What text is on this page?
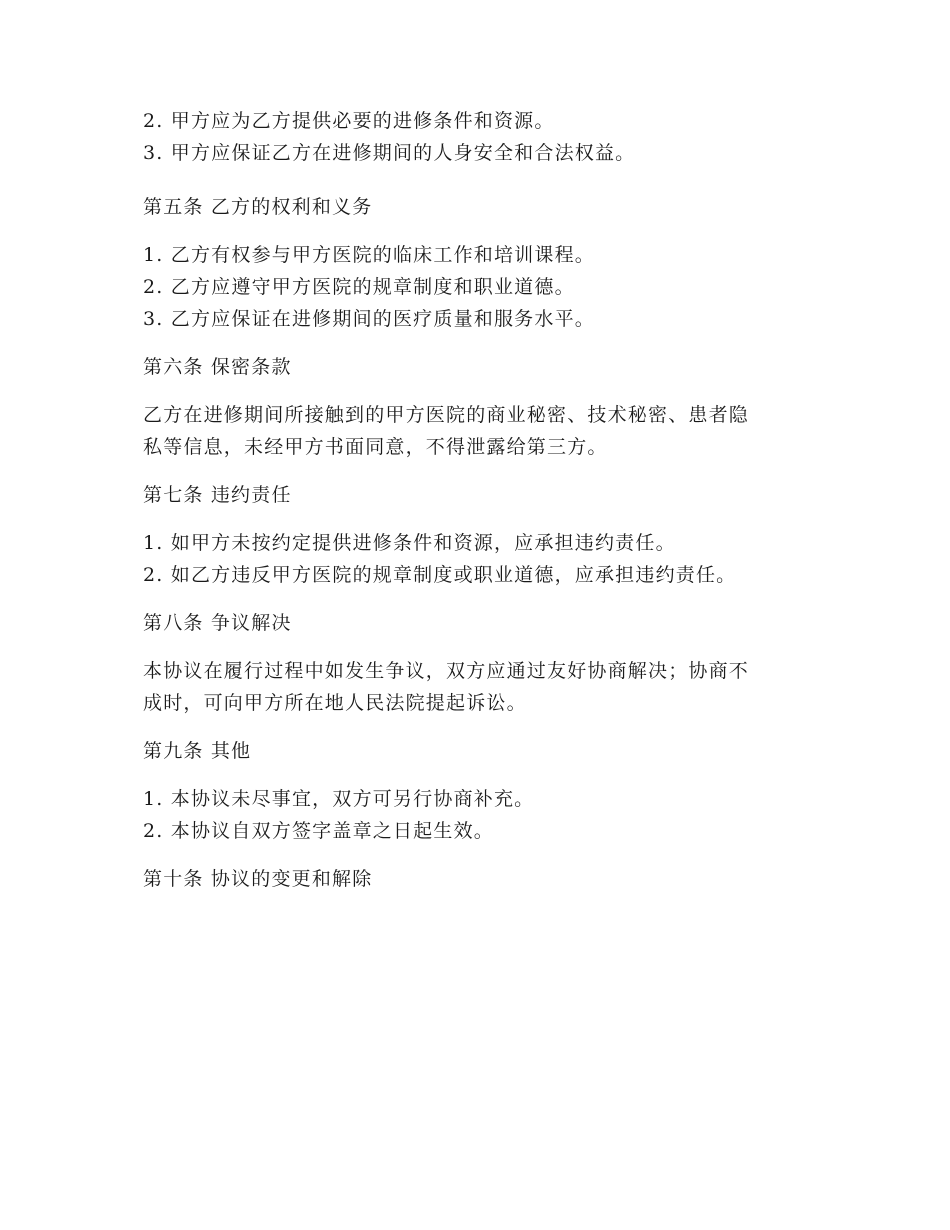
2. 甲方应为乙方提供必要的进修条件和资源。
3. 甲方应保证乙方在进修期间的人身安全和合法权益。
第五条 乙方的权利和义务
1. 乙方有权参与甲方医院的临床工作和培训课程。
2. 乙方应遵守甲方医院的规章制度和职业道德。
3. 乙方应保证在进修期间的医疗质量和服务水平。
第六条 保密条款
乙方在进修期间所接触到的甲方医院的商业秘密、技术秘密、患者隐
私等信息，未经甲方书面同意，不得泄露给第三方。
第七条 违约责任
1. 如甲方未按约定提供进修条件和资源，应承担违约责任。
2. 如乙方违反甲方医院的规章制度或职业道德，应承担违约责任。
第八条 争议解决
本协议在履行过程中如发生争议，双方应通过友好协商解决；协商不
成时，可向甲方所在地人民法院提起诉讼。
第九条 其他
1. 本协议未尽事宜，双方可另行协商补充。
2. 本协议自双方签字盖章之日起生效。
第十条 协议的变更和解除
